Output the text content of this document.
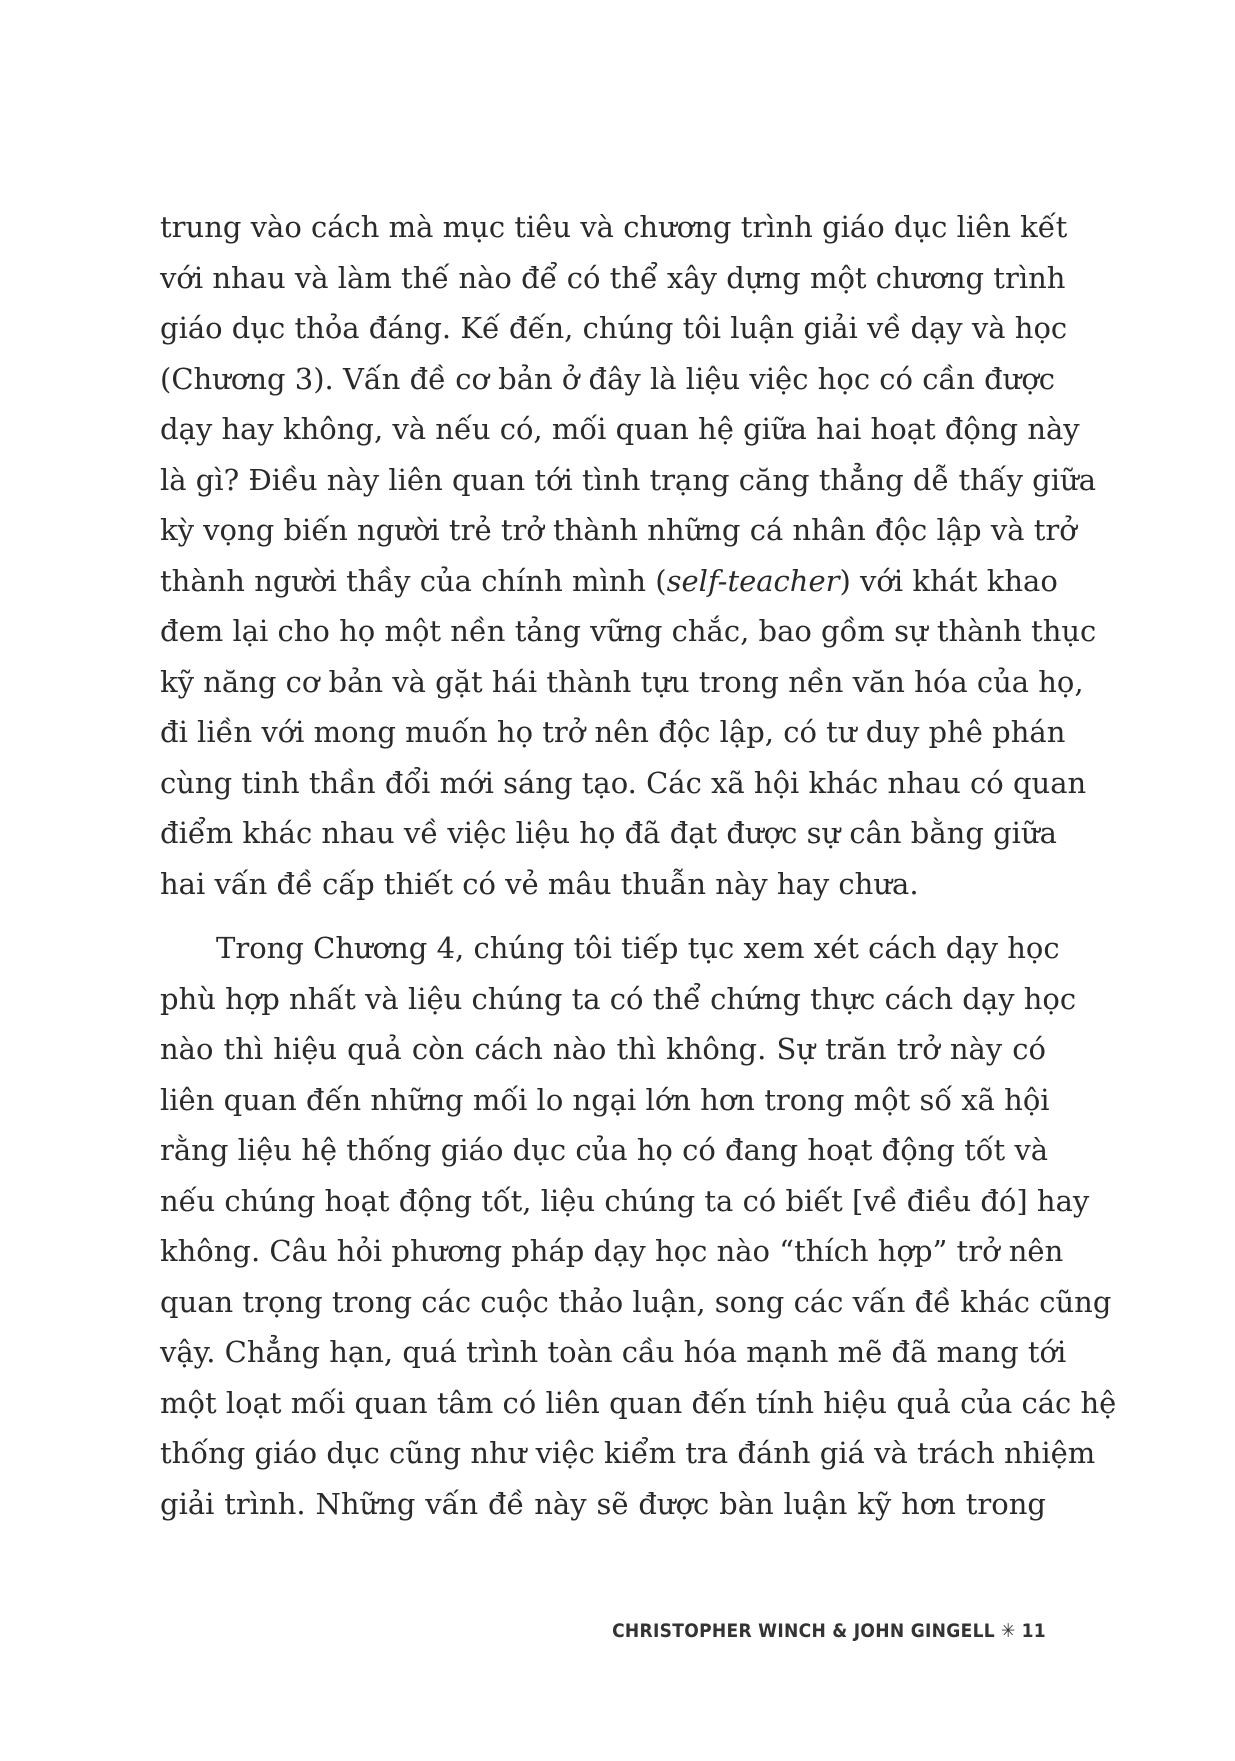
trung vào cách mà mục tiêu và chương trình giáo dục liên kết
với nhau và làm thế nào để có thể xây dựng một chương trình
giáo dục thỏa đáng. Kế đến, chúng tôi luận giải về dạy và học
(Chương 3). Vấn đề cơ bản ở đây là liệu việc học có cần được
dạy hay không, và nếu có, mối quan hệ giữa hai hoạt động này
là gì? Điều này liên quan tới tình trạng căng thẳng dễ thấy giữa
kỳ vọng biến người trẻ trở thành những cá nhân độc lập và trở
thành người thầy của chính mình (self-teacher) với khát khao
đem lại cho họ một nền tảng vững chắc, bao gồm sự thành thục
kỹ năng cơ bản và gặt hái thành tựu trong nền văn hóa của họ,
đi liền với mong muốn họ trở nên độc lập, có tư duy phê phán
cùng tinh thần đổi mới sáng tạo. Các xã hội khác nhau có quan
điểm khác nhau về việc liệu họ đã đạt được sự cân bằng giữa
hai vấn đề cấp thiết có vẻ mâu thuẫn này hay chưa.
Trong Chương 4, chúng tôi tiếp tục xem xét cách dạy học
phù hợp nhất và liệu chúng ta có thể chứng thực cách dạy học
nào thì hiệu quả còn cách nào thì không. Sự trăn trở này có
liên quan đến những mối lo ngại lớn hơn trong một số xã hội
rằng liệu hệ thống giáo dục của họ có đang hoạt động tốt và
nếu chúng hoạt động tốt, liệu chúng ta có biết [về điều đó] hay
không. Câu hỏi phương pháp dạy học nào “thích hợp” trở nên
quan trọng trong các cuộc thảo luận, song các vấn đề khác cũng
vậy. Chẳng hạn, quá trình toàn cầu hóa mạnh mẽ đã mang tới
một loạt mối quan tâm có liên quan đến tính hiệu quả của các hệ
thống giáo dục cũng như việc kiểm tra đánh giá và trách nhiệm
giải trình. Những vấn đề này sẽ được bàn luận kỹ hơn trong
CHRISTOPHER WINCH & JOHN GINGELL ✳ 11
